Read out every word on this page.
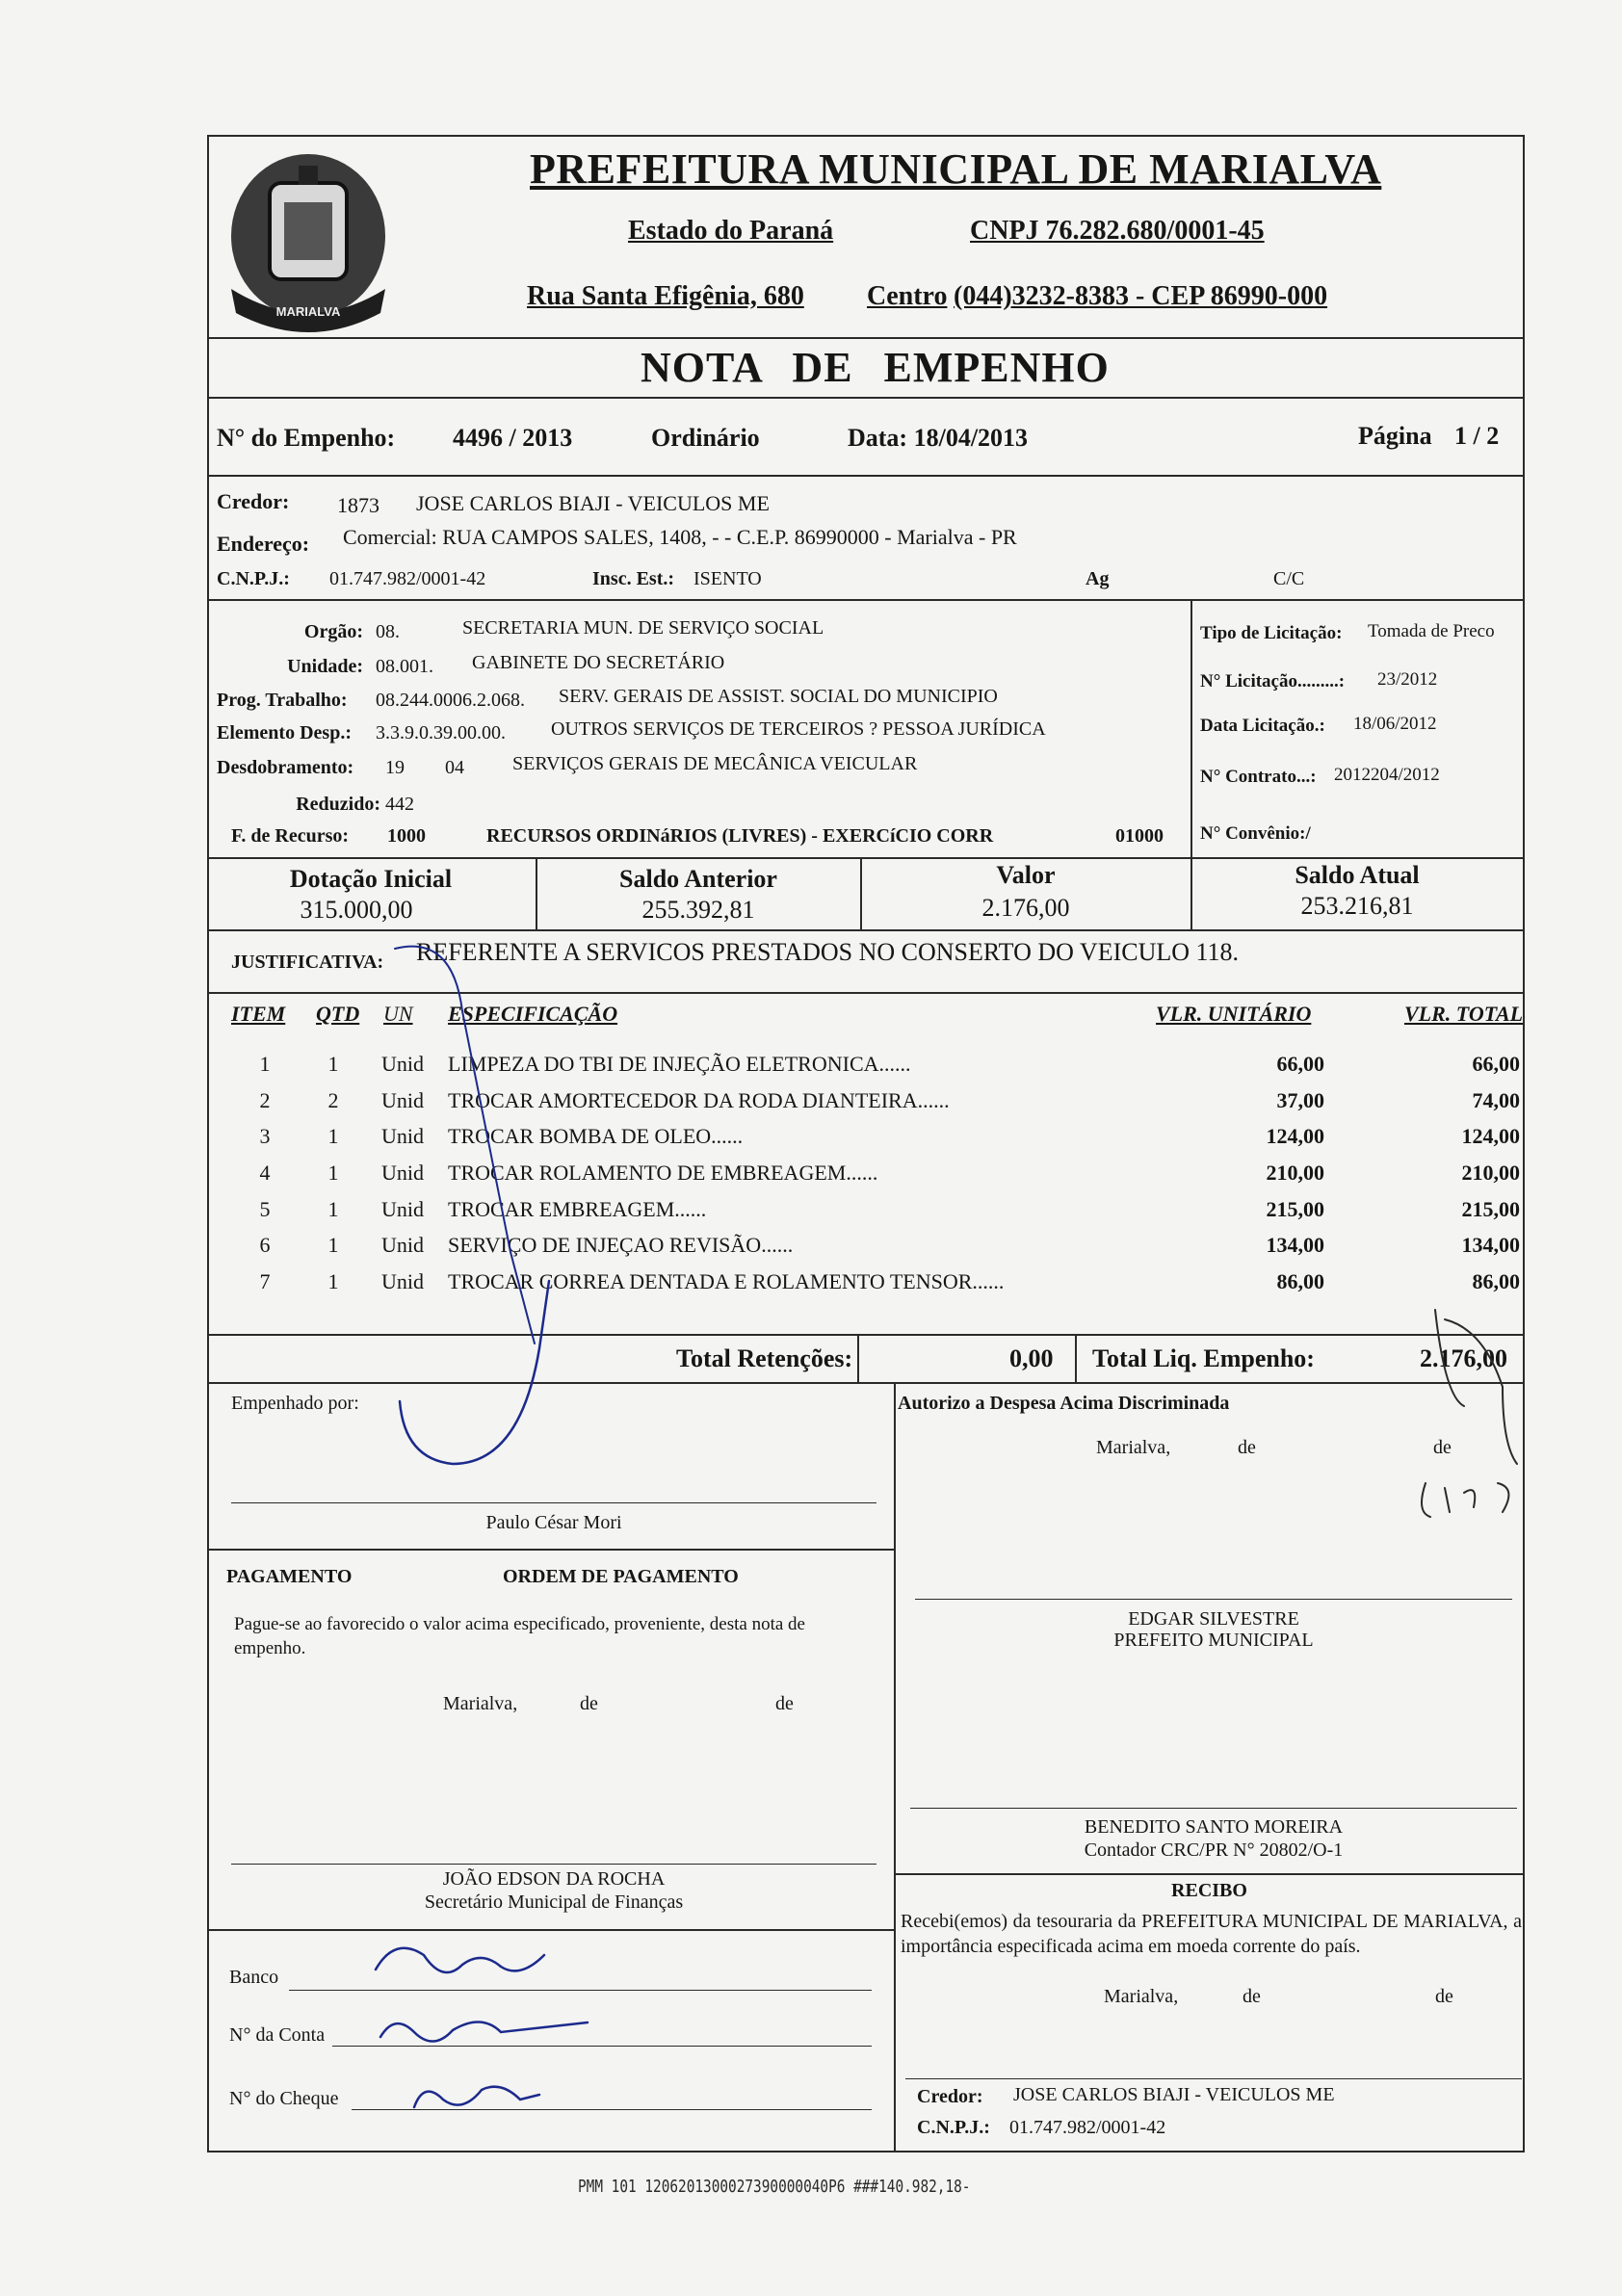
MARIALVA
PREFEITURA MUNICIPAL DE MARIALVA
Estado do Paraná	CNPJ 76.282.680/0001-45
Rua Santa Efigênia, 680 Centro (044)3232-8383 - CEP 86990-000
NOTA DE EMPENHO
N° do Empenho: 4496 / 2013	Ordinário	Data: 18/04/2013	Página 1 / 2
Credor: 1873 JOSE CARLOS BIAJI - VEICULOS ME
Endereço: Comercial: RUA CAMPOS SALES, 1408, - - C.E.P. 86990000 - Marialva - PR
C.N.P.J.: 01.747.982/0001-42	Insc. Est.: ISENTO	Ag	C/C
Orgão: 08.	SECRETARIA MUN. DE SERVIÇO SOCIAL
Unidade: 08.001. GABINETE DO SECRETÁRIO
Prog. Trabalho: 08.244.0006.2.068. SERV. GERAIS DE ASSIST. SOCIAL DO MUNICIPIO
Elemento Desp.: 3.3.9.0.39.00.00. OUTROS SERVIÇOS DE TERCEIROS ? PESSOA JURÍDICA
Desdobramento: 19 04	SERVIÇOS GERAIS DE MECÂNICA VEICULAR
Reduzido: 442
F. de Recurso: 1000	RECURSOS ORDINáRIOS (LIVRES) - EXERCíCIO CORR	01000
Tipo de Licitação: Tomada de Preco
N° Licitação.........: 23/2012
Data Licitação.: 18/06/2012
N° Contrato...: 2012204/2012
N° Convênio:/
Dotação Inicial
315.000,00
Saldo Anterior
255.392,81
Valor
2.176,00
Saldo Atual
253.216,81
JUSTIFICATIVA: REFERENTE A SERVICOS PRESTADOS NO CONSERTO DO VEICULO 118.
ITEM QTD UN ESPECIFICAÇÃO	VLR. UNITÁRIO	VLR. TOTAL
1	1 Unid LIMPEZA DO TBI DE INJEÇÃO ELETRONICA......	66,00	66,00
2	2 Unid TROCAR AMORTECEDOR DA RODA DIANTEIRA......	37,00	74,00
3	1 Unid TROCAR BOMBA DE OLEO......	124,00	124,00
4	1 Unid TROCAR ROLAMENTO DE EMBREAGEM......	210,00	210,00
5	1 Unid TROCAR EMBREAGEM......	215,00	215,00
6	1 Unid SERVIÇO DE INJEÇAO REVISÃO......	134,00	134,00
7	1 Unid TROCAR CORREA DENTADA E ROLAMENTO TENSOR......	86,00	86,00
Total Retenções:	0,00 Total Liq. Empenho:	2.176,00
Empenhado por:
Paulo César Mori
Autorizo a Despesa Acima Discriminada
Marialva,	de	de
EDGAR SILVESTRE
PREFEITO MUNICIPAL
PAGAMENTO	ORDEM DE PAGAMENTO
Pague-se ao favorecido o valor acima especificado, proveniente, desta nota de empenho.
Marialva,	de	de
BENEDITO SANTO MOREIRA
Contador CRC/PR N° 20802/O-1
JOÃO EDSON DA ROCHA
Secretário Municipal de Finanças
RECIBO
Recebi(emos) da tesouraria da PREFEITURA MUNICIPAL DE MARIALVA, a importância especificada acima em moeda corrente do país.
Marialva,	de	de
Banco
N° da Conta
N° do Cheque	Credor: JOSE CARLOS BIAJI - VEICULOS ME
C.N.P.J.: 01.747.982/0001-42
PMM 101 1206201300027390000040P6 ###140.982,18-
